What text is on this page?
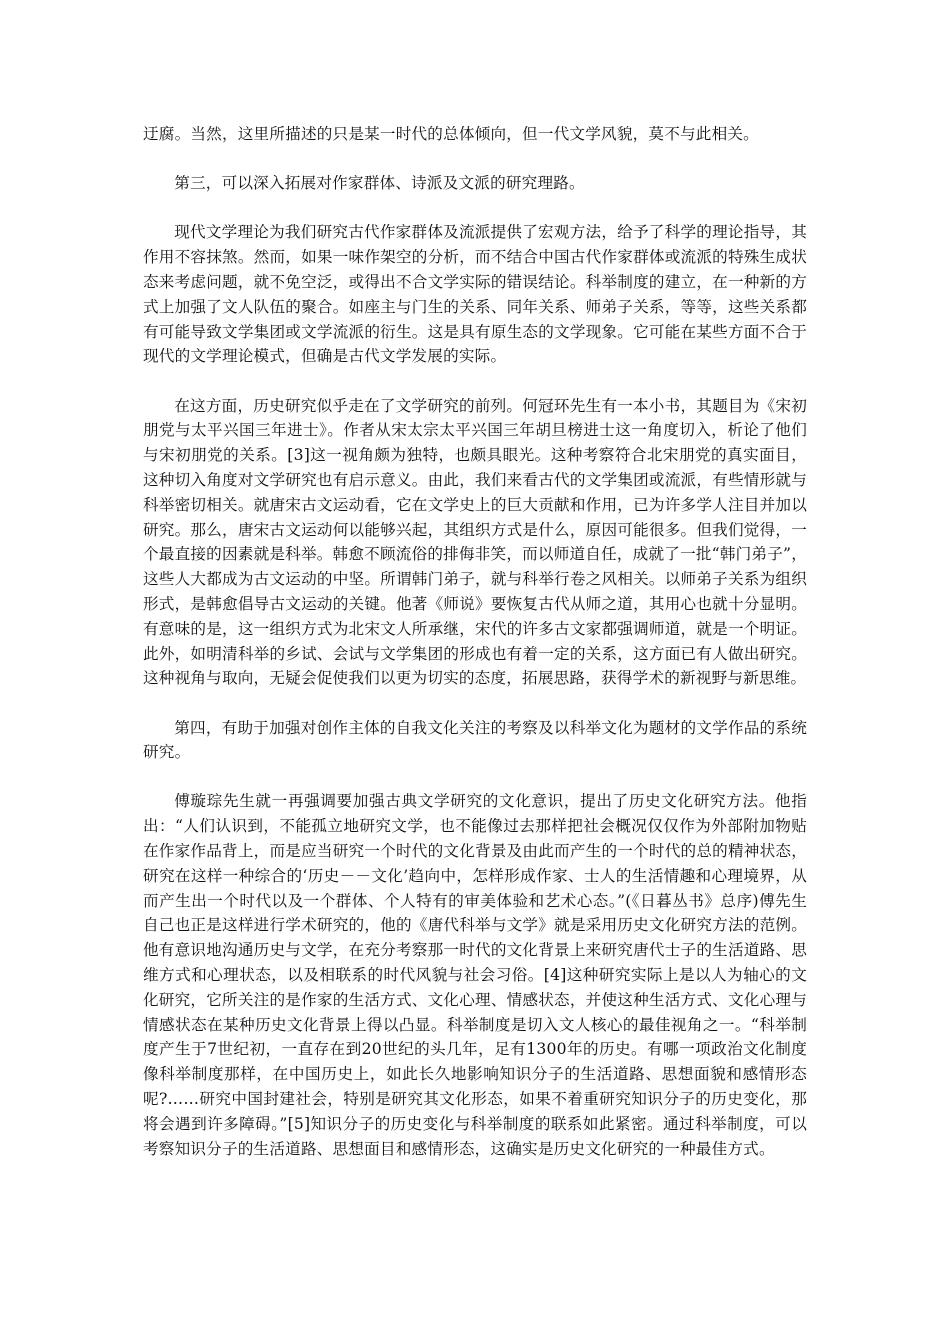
迂腐。当然，这里所描述的只是某一时代的总体倾向，但一代文学风貌，莫不与此相关。

第三，可以深入拓展对作家群体、诗派及文派的研究理路。

现代文学理论为我们研究古代作家群体及流派提供了宏观方法，给予了科学的理论指导，其作用不容抹煞。然而，如果一味作架空的分析，而不结合中国古代作家群体或流派的特殊生成状态来考虑问题，就不免空泛，或得出不合文学实际的错误结论。科举制度的建立，在一种新的方式上加强了文人队伍的聚合。如座主与门生的关系、同年关系、师弟子关系，等等，这些关系都有可能导致文学集团或文学流派的衍生。这是具有原生态的文学现象。它可能在某些方面不合于现代的文学理论模式，但确是古代文学发展的实际。

在这方面，历史研究似乎走在了文学研究的前列。何冠环先生有一本小书，其题目为《宋初朋党与太平兴国三年进士》。作者从宋太宗太平兴国三年胡旦榜进士这一角度切入，析论了他们与宋初朋党的关系。[3]这一视角颇为独特，也颇具眼光。这种考察符合北宋朋党的真实面目，这种切入角度对文学研究也有启示意义。由此，我们来看古代的文学集团或流派，有些情形就与科举密切相关。就唐宋古文运动看，它在文学史上的巨大贡献和作用，已为许多学人注目并加以研究。那么，唐宋古文运动何以能够兴起，其组织方式是什么，原因可能很多。但我们觉得，一个最直接的因素就是科举。韩愈不顾流俗的排侮非笑，而以师道自任，成就了一批“韩门弟子”，这些人大都成为古文运动的中坚。所谓韩门弟子，就与科举行卷之风相关。以师弟子关系为组织形式，是韩愈倡导古文运动的关键。他著《师说》要恢复古代从师之道，其用心也就十分显明。有意味的是，这一组织方式为北宋文人所承继，宋代的许多古文家都强调师道，就是一个明证。此外，如明清科举的乡试、会试与文学集团的形成也有着一定的关系，这方面已有人做出研究。这种视角与取向，无疑会促使我们以更为切实的态度，拓展思路，获得学术的新视野与新思维。

第四，有助于加强对创作主体的自我文化关注的考察及以科举文化为题材的文学作品的系统研究。

傅璇琮先生就一再强调要加强古典文学研究的文化意识，提出了历史文化研究方法。他指出：“人们认识到，不能孤立地研究文学，也不能像过去那样把社会概况仅仅作为外部附加物贴在作家作品背上，而是应当研究一个时代的文化背景及由此而产生的一个时代的总的精神状态，研究在这样一种综合的‘历史－－文化’趋向中，怎样形成作家、士人的生活情趣和心理境界，从而产生出一个时代以及一个群体、个人特有的审美体验和艺术心态。”(《日暮丛书》总序)傅先生自己也正是这样进行学术研究的，他的《唐代科举与文学》就是采用历史文化研究方法的范例。他有意识地沟通历史与文学，在充分考察那一时代的文化背景上来研究唐代士子的生活道路、思维方式和心理状态，以及相联系的时代风貌与社会习俗。[4]这种研究实际上是以人为轴心的文化研究，它所关注的是作家的生活方式、文化心理、情感状态，并使这种生活方式、文化心理与情感状态在某种历史文化背景上得以凸显。科举制度是切入文人核心的最佳视角之一。“科举制度产生于7世纪初，一直存在到20世纪的头几年，足有1300年的历史。有哪一项政治文化制度像科举制度那样，在中国历史上，如此长久地影响知识分子的生活道路、思想面貌和感情形态呢?……研究中国封建社会，特别是研究其文化形态，如果不着重研究知识分子的历史变化，那将会遇到许多障碍。”[5]知识分子的历史变化与科举制度的联系如此紧密。通过科举制度，可以考察知识分子的生活道路、思想面目和感情形态，这确实是历史文化研究的一种最佳方式。
